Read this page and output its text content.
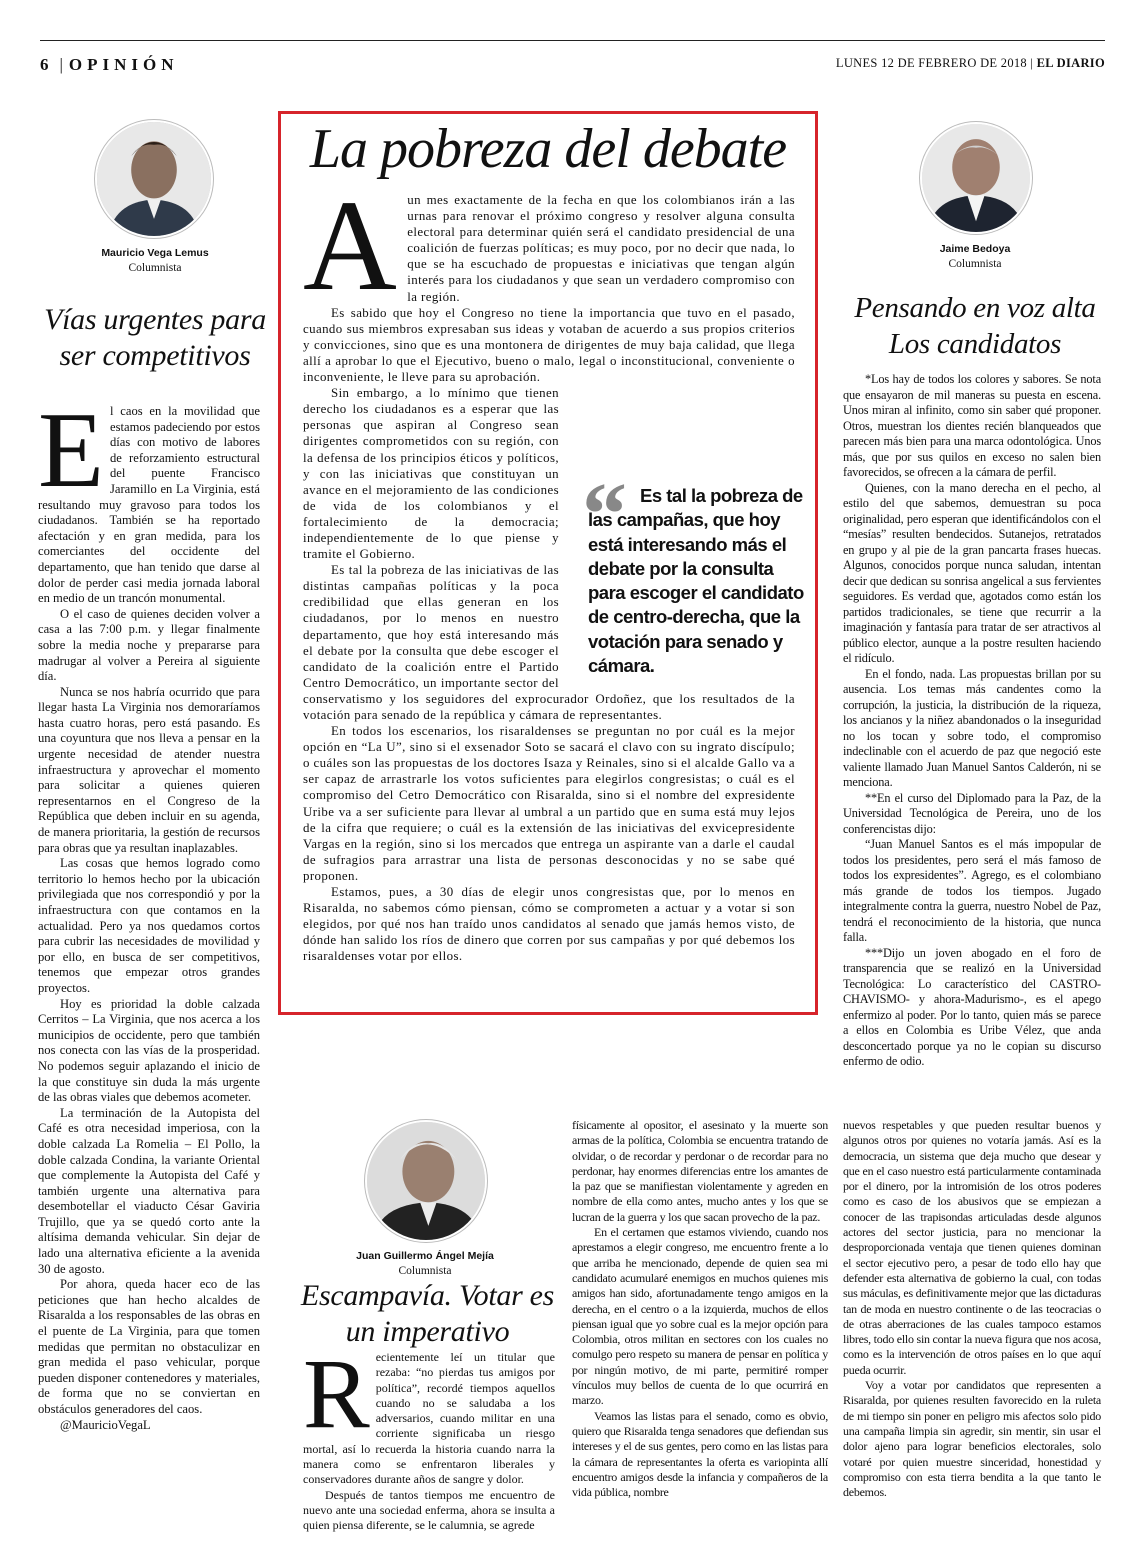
6 | OPINIÓN	LUNES 12 DE FEBRERO DE 2018 | EL DIARIO
Mauricio Vega Lemus
Columnista
Vías urgentes para ser competitivos

El caos en la movilidad que estamos padeciendo por estos días con motivo de labores de reforzamiento estructural del puente Francisco Jaramillo en La Virginia, está resultando muy gravoso para todos los ciudadanos. También se ha reportado afectación y en gran medida, para los comerciantes del occidente del departamento, que han tenido que darse al dolor de perder casi media jornada laboral en medio de un trancón monumental.

O el caso de quienes deciden volver a casa a las 7:00 p.m. y llegar finalmente sobre la media noche y prepararse para madrugar al volver a Pereira al siguiente día.

Nunca se nos habría ocurrido que para llegar hasta La Virginia nos demoraríamos hasta cuatro horas, pero está pasando. Es una coyuntura que nos lleva a pensar en la urgente necesidad de atender nuestra infraestructura y aprovechar el momento para solicitar a quienes quieren representarnos en el Congreso de la República que deben incluir en su agenda, de manera prioritaria, la gestión de recursos para obras que ya resultan inaplazables.

Las cosas que hemos logrado como territorio lo hemos hecho por la ubicación privilegiada que nos correspondió y por la infraestructura con que contamos en la actualidad. Pero ya nos quedamos cortos para cubrir las necesidades de movilidad y por ello, en busca de ser competitivos, tenemos que empezar otros grandes proyectos.

Hoy es prioridad la doble calzada Cerritos – La Virginia, que nos acerca a los municipios de occidente, pero que también nos conecta con las vías de la prosperidad. No podemos seguir aplazando el inicio de la que constituye sin duda la más urgente de las obras viales que debemos acometer.

La terminación de la Autopista del Café es otra necesidad imperiosa, con la doble calzada La Romelia – El Pollo, la doble calzada Condina, la variante Oriental que complemente la Autopista del Café y también urgente una alternativa para desembotellar el viaducto César Gaviria Trujillo, que ya se quedó corto ante la altísima demanda vehicular. Sin dejar de lado una alternativa eficiente a la avenida 30 de agosto.

Por ahora, queda hacer eco de las peticiones que han hecho alcaldes de Risaralda a los responsables de las obras en el puente de La Virginia, para que tomen medidas que permitan no obstaculizar en gran medida el paso vehicular, porque pueden disponer contenedores y materiales, de forma que no se conviertan en obstáculos generadores del caos.

@MauricioVegaL

La pobreza del debate

Aun mes exactamente de la fecha en que los colombianos irán a las urnas para renovar el próximo congreso y resolver alguna consulta electoral para determinar quién será el candidato presidencial de una coalición de fuerzas políticas; es muy poco, por no decir que nada, lo que se ha escuchado de propuestas e iniciativas que tengan algún interés para los ciudadanos y que sean un verdadero compromiso con la región.

Es sabido que hoy el Congreso no tiene la importancia que tuvo en el pasado, cuando sus miembros expresaban sus ideas y votaban de acuerdo a sus propios criterios y convicciones, sino que es una montonera de dirigentes de muy baja calidad, que llega allí a aprobar lo que el Ejecutivo, bueno o malo, legal o inconstitucional, conveniente o inconveniente, le lleve para su aprobación.

Sin embargo, a lo mínimo que tienen derecho los ciudadanos es a esperar que las personas que aspiran al Congreso sean dirigentes comprometidos con su región, con la defensa de los principios éticos y políticos, y con las iniciativas que constituyan un avance en el mejoramiento de las condiciones de vida de los colombianos y el fortalecimiento de la democracia; independientemente de lo que piense y tramite el Gobierno.

Es tal la pobreza de las iniciativas de las distintas campañas políticas y la poca credibilidad que ellas generan en los ciudadanos, por lo menos en nuestro departamento, que hoy está interesando más el debate por la consulta que debe escoger el candidato de la coalición entre el Partido Centro Democrático, un importante sector del conservatismo y los seguidores del exprocurador Ordoñez, que los resultados de la votación para senado de la república y cámara de representantes.

En todos los escenarios, los risaraldenses se preguntan no por cuál es la mejor opción en “La U”, sino si el exsenador Soto se sacará el clavo con su ingrato discípulo; o cuáles son las propuestas de los doctores Isaza y Reinales, sino si el alcalde Gallo va a ser capaz de arrastrarle los votos suficientes para elegirlos congresistas; o cuál es el compromiso del Cetro Democrático con Risaralda, sino si el nombre del expresidente Uribe va a ser suficiente para llevar al umbral a un partido que en suma está muy lejos de la cifra que requiere; o cuál es la extensión de las iniciativas del exvicepresidente Vargas en la región, sino si los mercados que entrega un aspirante van a darle el caudal de sufragios para arrastrar una lista de personas desconocidas y no se sabe qué proponen.

Estamos, pues, a 30 días de elegir unos congresistas que, por lo menos en Risaralda, no sabemos cómo piensan, cómo se comprometen a actuar y a votar si son elegidos, por qué nos han traído unos candidatos al senado que jamás hemos visto, de dónde han salido los ríos de dinero que corren por sus campañas y por qué debemos los risaraldenses votar por ellos.

“ Es tal la pobreza de las campañas, que hoy está interesando más el debate por la consulta para escoger el candidato de centro-derecha, que la votación para senado y cámara.
Jaime Bedoya
Columnista
Pensando en voz alta Los candidatos

*Los hay de todos los colores y sabores. Se nota que ensayaron de mil maneras su puesta en escena. Unos miran al infinito, como sin saber qué proponer. Otros, muestran los dientes recién blanqueados que parecen más bien para una marca odontológica. Unos más, que por sus quilos en exceso no salen bien favorecidos, se ofrecen a la cámara de perfil.

Quienes, con la mano derecha en el pecho, al estilo del que sabemos, demuestran su poca originalidad, pero esperan que identificándolos con el “mesías” resulten bendecidos. Sutanejos, retratados en grupo y al pie de la gran pancarta frases huecas. Algunos, conocidos porque nunca saludan, intentan decir que dedican su sonrisa angelical a sus fervientes seguidores. Es verdad que, agotados como están los partidos tradicionales, se tiene que recurrir a la imaginación y fantasía para tratar de ser atractivos al público elector, aunque a la postre resulten haciendo el ridículo.

En el fondo, nada. Las propuestas brillan por su ausencia. Los temas más candentes como la corrupción, la justicia, la distribución de la riqueza, los ancianos y la niñez abandonados o la inseguridad no los tocan y sobre todo, el compromiso indeclinable con el acuerdo de paz que negoció este valiente llamado Juan Manuel Santos Calderón, ni se menciona.

**En el curso del Diplomado para la Paz, de la Universidad Tecnológica de Pereira, uno de los conferencistas dijo:

“Juan Manuel Santos es el más impopular de todos los presidentes, pero será el más famoso de todos los expresidentes”. Agrego, es el colombiano más grande de todos los tiempos. Jugado integralmente contra la guerra, nuestro Nobel de Paz, tendrá el reconocimiento de la historia, que nunca falla.

***Dijo un joven abogado en el foro de transparencia que se realizó en la Universidad Tecnológica: Lo característico del CASTRO-CHAVISMO- y ahora-Madurismo-, es el apego enfermizo al poder. Por lo tanto, quien más se parece a ellos en Colombia es Uribe Vélez, que anda desconcertado porque ya no le copian su discurso enfermo de odio.

Juan Guillermo Ángel Mejía
Columnista
Escampavía. Votar es un imperativo

Recientemente leí un titular que rezaba: “no pierdas tus amigos por política”, recordé tiempos aquellos cuando no se saludaba a los adversarios, cuando militar en una corriente significaba un riesgo mortal, así lo recuerda la historia cuando narra la manera como se enfrentaron liberales y conservadores durante años de sangre y dolor.

Después de tantos tiempos me encuentro de nuevo ante una sociedad enferma, ahora se insulta a quien piensa diferente, se le calumnia, se agrede

físicamente al opositor, el asesinato y la muerte son armas de la política, Colombia se encuentra tratando de olvidar, o de recordar y perdonar o de recordar para no perdonar, hay enormes diferencias entre los amantes de la paz que se manifiestan violentamente y agreden en nombre de ella como antes, mucho antes y los que se lucran de la guerra y los que sacan provecho de la paz.

En el certamen que estamos viviendo, cuando nos aprestamos a elegir congreso, me encuentro frente a lo que arriba he mencionado, depende de quien sea mi candidato acumularé enemigos en muchos quienes mis amigos han sido, afortunadamente tengo amigos en la derecha, en el centro o a la izquierda, muchos de ellos piensan igual que yo sobre cual es la mejor opción para Colombia, otros militan en sectores con los cuales no comulgo pero respeto su manera de pensar en política y por ningún motivo, de mi parte, permitiré romper vínculos muy bellos de cuenta de lo que ocurrirá en marzo.

Veamos las listas para el senado, como es obvio, quiero que Risaralda tenga senadores que defiendan sus intereses y el de sus gentes, pero como en las listas para la cámara de representantes la oferta es variopinta allí encuentro amigos desde la infancia y compañeros de la vida pública, nombre

nuevos respetables y que pueden resultar buenos y algunos otros por quienes no votaría jamás. Así es la democracia, un sistema que deja mucho que desear y que en el caso nuestro está particularmente contaminada por el dinero, por la intromisión de los otros poderes como es caso de los abusivos que se empiezan a conocer de las trapisondas articuladas desde algunos actores del sector justicia, para no mencionar la desproporcionada ventaja que tienen quienes dominan el sector ejecutivo pero, a pesar de todo ello hay que defender esta alternativa de gobierno la cual, con todas sus máculas, es definitivamente mejor que las dictaduras tan de moda en nuestro continente o de las teocracias o de otras aberraciones de las cuales tampoco estamos libres, todo ello sin contar la nueva figura que nos acosa, como es la intervención de otros países en lo que aquí pueda ocurrir.

Voy a votar por candidatos que representen a Risaralda, por quienes resulten favorecido en la ruleta de mi tiempo sin poner en peligro mis afectos solo pido una campaña limpia sin agredir, sin mentir, sin usar el dolor ajeno para lograr beneficios electorales, solo votaré por quien muestre sinceridad, honestidad y compromiso con esta tierra bendita a la que tanto le debemos.
